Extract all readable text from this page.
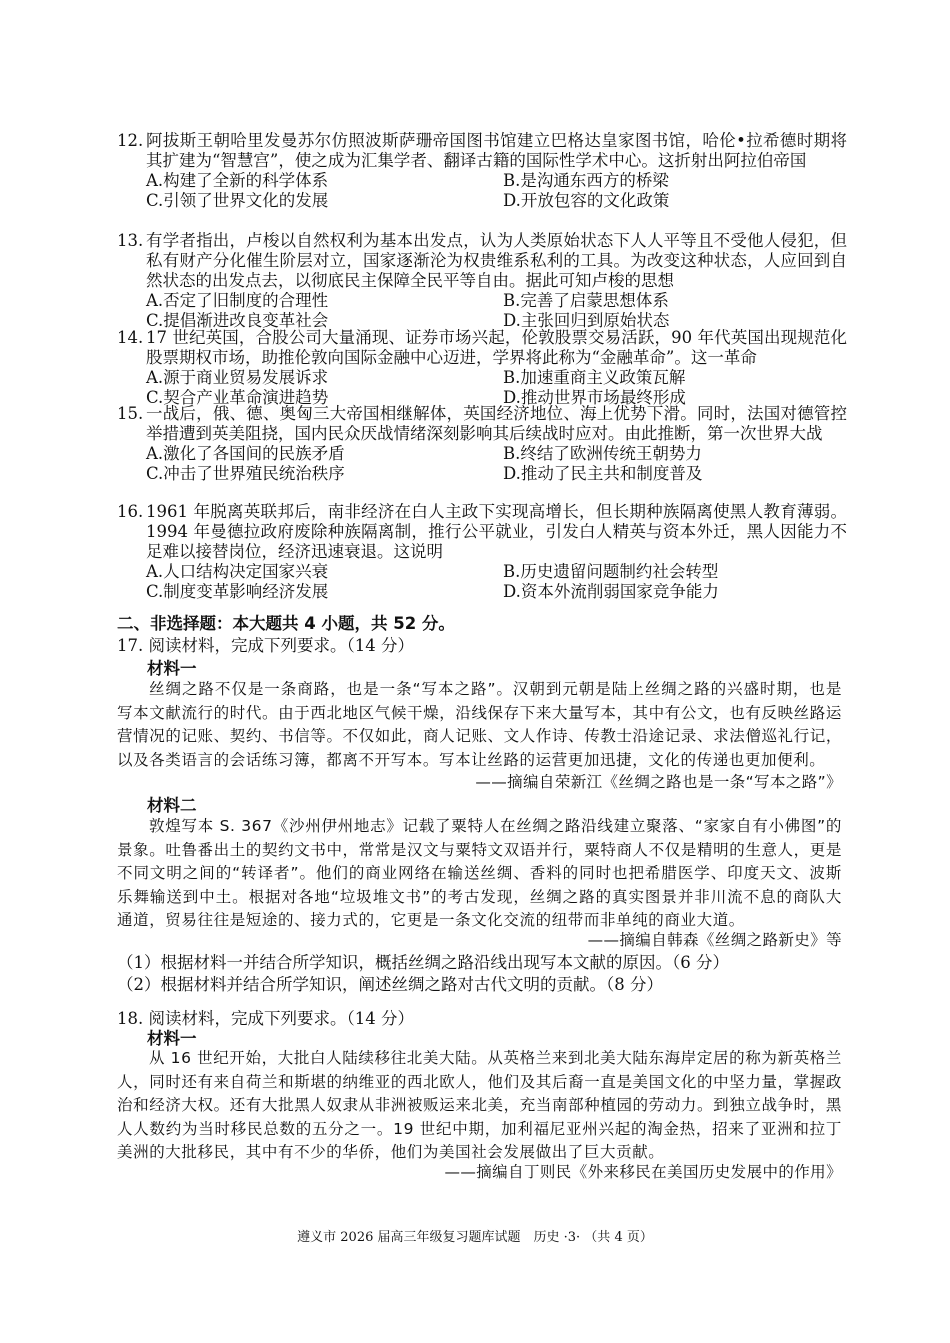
12. 阿拔斯王朝哈里发曼苏尔仿照波斯萨珊帝国图书馆建立巴格达皇家图书馆，哈伦•拉希德时期将其扩建为“智慧宫”，使之成为汇集学者、翻译古籍的国际性学术中心。这折射出阿拉伯帝国
A.构建了全新的科学体系	B.是沟通东西方的桥梁
C.引领了世界文化的发展	D.开放包容的文化政策
13. 有学者指出，卢梭以自然权利为基本出发点，认为人类原始状态下人人平等且不受他人侵犯，但私有财产分化催生阶层对立，国家逐渐沦为权贵维系私利的工具。为改变这种状态，人应回到自然状态的出发点去，以彻底民主保障全民平等自由。据此可知卢梭的思想
A.否定了旧制度的合理性	B.完善了启蒙思想体系
C.提倡渐进改良变革社会	D.主张回归到原始状态
14. 17 世纪英国，合股公司大量涌现、证券市场兴起，伦敦股票交易活跃，90 年代英国出现规范化股票期权市场，助推伦敦向国际金融中心迈进，学界将此称为“金融革命”。这一革命
A.源于商业贸易发展诉求	B.加速重商主义政策瓦解
C.契合产业革命演进趋势	D.推动世界市场最终形成
15. 一战后，俄、德、奥匈三大帝国相继解体，英国经济地位、海上优势下滑。同时，法国对德管控举措遭到英美阻挠，国内民众厌战情绪深刻影响其后续战时应对。由此推断，第一次世界大战
A.激化了各国间的民族矛盾	B.终结了欧洲传统王朝势力
C.冲击了世界殖民统治秩序	D.推动了民主共和制度普及
16. 1961 年脱离英联邦后，南非经济在白人主政下实现高增长，但长期种族隔离使黑人教育薄弱。1994 年曼德拉政府废除种族隔离制，推行公平就业，引发白人精英与资本外迁，黑人因能力不足难以接替岗位，经济迅速衰退。这说明
A.人口结构决定国家兴衰	B.历史遗留问题制约社会转型
C.制度变革影响经济发展	D.资本外流削弱国家竞争能力
二、非选择题：本大题共 4 小题，共 52 分。
17. 阅读材料，完成下列要求。（14 分）
材料一

丝绸之路不仅是一条商路，也是一条“写本之路”。汉朝到元朝是陆上丝绸之路的兴盛时期，也是写本文献流行的时代。由于西北地区气候干燥，沿线保存下来大量写本，其中有公文，也有反映丝路运营情况的记账、契约、书信等。不仅如此，商人记账、文人作诗、传教士沿途记录、求法僧巡礼行记，以及各类语言的会话练习簿，都离不开写本。写本让丝路的运营更加迅捷，文化的传递也更加便利。

——摘编自荣新江《丝绸之路也是一条“写本之路”》
材料二

敦煌写本 S. 367《沙州伊州地志》记载了粟特人在丝绸之路沿线建立聚落、“家家自有小佛图”的景象。吐鲁番出土的契约文书中，常常是汉文与粟特文双语并行，粟特商人不仅是精明的生意人，更是不同文明之间的“转译者”。他们的商业网络在输送丝绸、香料的同时也把希腊医学、印度天文、波斯乐舞输送到中土。根据对各地“垃圾堆文书”的考古发现，丝绸之路的真实图景并非川流不息的商队大通道，贸易往往是短途的、接力式的，它更是一条文化交流的纽带而非单纯的商业大道。

——摘编自韩森《丝绸之路新史》等
（1）根据材料一并结合所学知识，概括丝绸之路沿线出现写本文献的原因。（6 分）
（2）根据材料并结合所学知识，阐述丝绸之路对古代文明的贡献。（8 分）
18. 阅读材料，完成下列要求。（14 分）
材料一

从 16 世纪开始，大批白人陆续移往北美大陆。从英格兰来到北美大陆东海岸定居的称为新英格兰人，同时还有来自荷兰和斯堪的纳维亚的西北欧人，他们及其后裔一直是美国文化的中坚力量，掌握政治和经济大权。还有大批黑人奴隶从非洲被贩运来北美，充当南部种植园的劳动力。到独立战争时，黑人人数约为当时移民总数的五分之一。19 世纪中期，加利福尼亚州兴起的淘金热，招来了亚洲和拉丁美洲的大批移民，其中有不少的华侨，他们为美国社会发展做出了巨大贡献。

——摘编自丁则民《外来移民在美国历史发展中的作用》
遵义市 2026 届高三年级复习题库试题　历史 ·3· （共 4 页）
